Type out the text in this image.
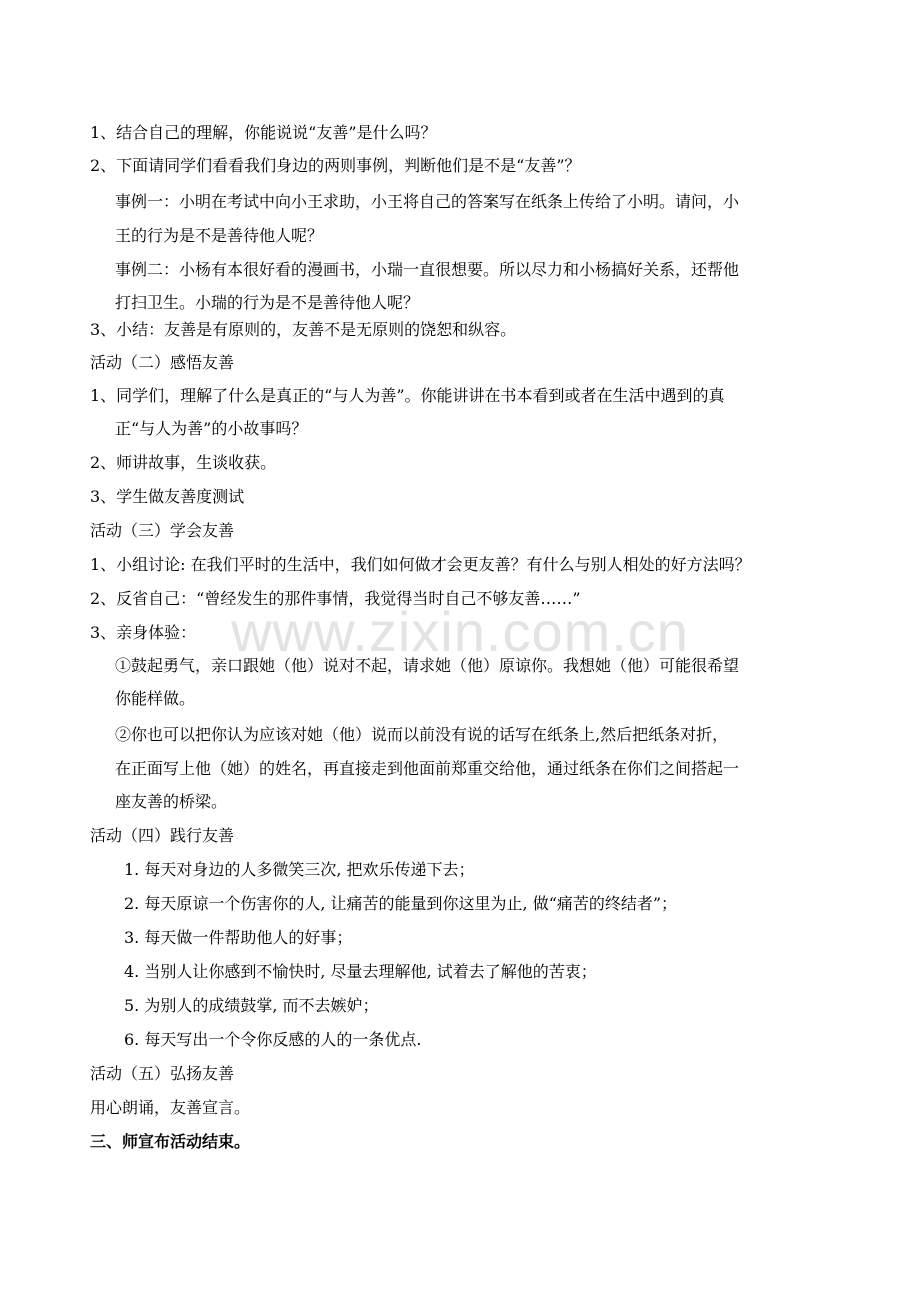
www.zixin.com.cn
1、结合自己的理解，你能说说“友善”是什么吗？
2、下面请同学们看看我们身边的两则事例，判断他们是不是“友善”？
事例一：小明在考试中向小王求助，小王将自己的答案写在纸条上传给了小明。请问，小
王的行为是不是善待他人呢？
事例二：小杨有本很好看的漫画书，小瑞一直很想要。所以尽力和小杨搞好关系，还帮他
打扫卫生。小瑞的行为是不是善待他人呢？
3、小结：友善是有原则的，友善不是无原则的饶恕和纵容。
活动（二）感悟友善
1、同学们，理解了什么是真正的“与人为善”。你能讲讲在书本看到或者在生活中遇到的真
正“与人为善”的小故事吗？
2、师讲故事，生谈收获。
3、学生做友善度测试
活动（三）学会友善
1、小组讨论: 在我们平时的生活中，我们如何做才会更友善？有什么与别人相处的好方法吗？
2、反省自己：“曾经发生的那件事情，我觉得当时自己不够友善……”
3、亲身体验：
①鼓起勇气，亲口跟她（他）说对不起，请求她（他）原谅你。我想她（他）可能很希望
你能样做。
②你也可以把你认为应该对她（他）说而以前没有说的话写在纸条上,然后把纸条对折，
在正面写上他（她）的姓名，再直接走到他面前郑重交给他，通过纸条在你们之间搭起一
座友善的桥梁。
活动（四）践行友善
1. 每天对身边的人多微笑三次, 把欢乐传递下去；
2. 每天原谅一个伤害你的人, 让痛苦的能量到你这里为止, 做“痛苦的终结者”；
3. 每天做一件帮助他人的好事；
4. 当别人让你感到不愉快时, 尽量去理解他, 试着去了解他的苦衷；
5. 为别人的成绩鼓掌, 而不去嫉妒；
6. 每天写出一个令你反感的人的一条优点.
活动（五）弘扬友善
用心朗诵，友善宣言。
三、师宣布活动结束。
